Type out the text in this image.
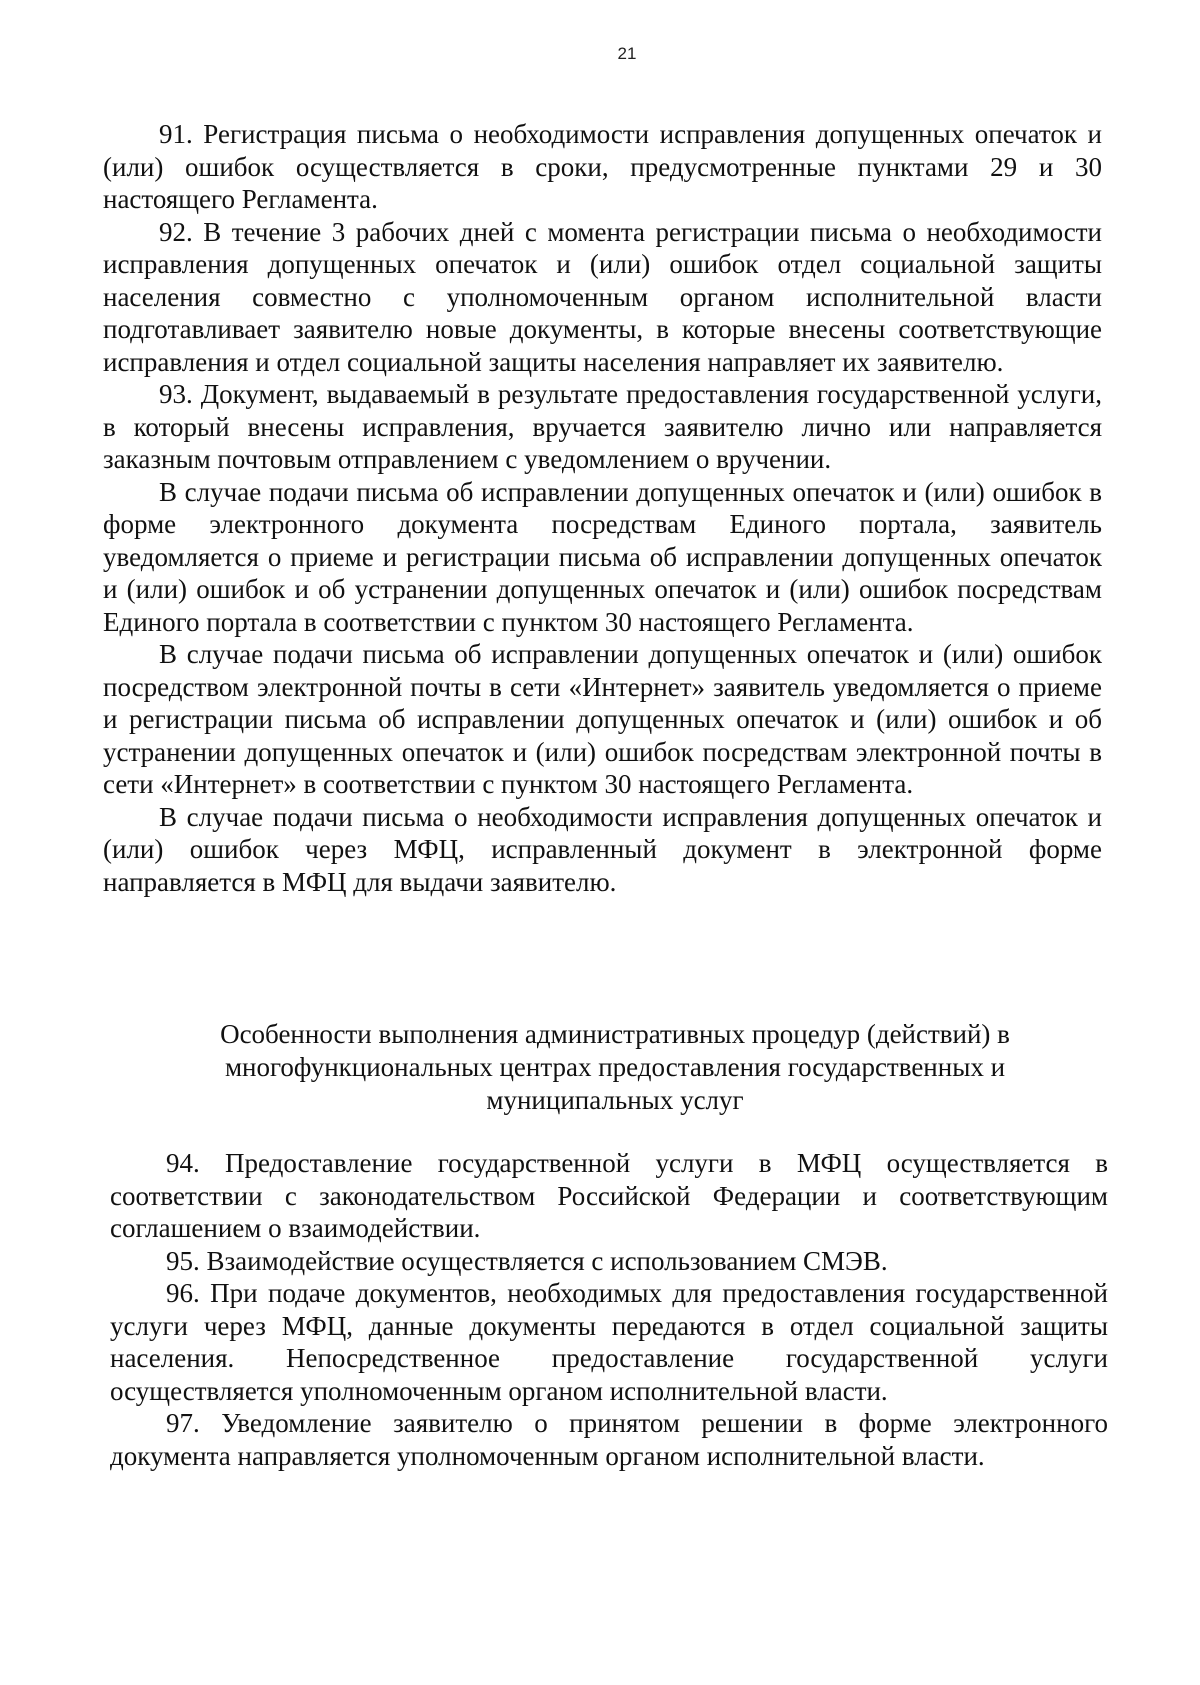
21

91. Регистрация письма о необходимости исправления допущенных опечаток и (или) ошибок осуществляется в сроки, предусмотренные пунктами 29 и 30 настоящего Регламента.

92. В течение 3 рабочих дней с момента регистрации письма о необходимости исправления допущенных опечаток и (или) ошибок отдел социальной защиты населения совместно с уполномоченным органом исполнительной власти подготавливает заявителю новые документы, в которые внесены соответствующие исправления и отдел социальной защиты населения направляет их заявителю.

93. Документ, выдаваемый в результате предоставления государственной услуги, в который внесены исправления, вручается заявителю лично или направляется заказным почтовым отправлением с уведомлением о вручении.

В случае подачи письма об исправлении допущенных опечаток и (или) ошибок в форме электронного документа посредствам Единого портала, заявитель уведомляется о приеме и регистрации письма об исправлении допущенных опечаток и (или) ошибок и об устранении допущенных опечаток и (или) ошибок посредствам Единого портала в соответствии с пунктом 30 настоящего Регламента.

В случае подачи письма об исправлении допущенных опечаток и (или) ошибок посредством электронной почты в сети «Интернет» заявитель уведомляется о приеме и регистрации письма об исправлении допущенных опечаток и (или) ошибок и об устранении допущенных опечаток и (или) ошибок посредствам электронной почты в сети «Интернет» в соответствии с пунктом 30 настоящего Регламента.

В случае подачи письма о необходимости исправления допущенных опечаток и (или) ошибок через МФЦ, исправленный документ в электронной форме направляется в МФЦ для выдачи заявителю.

Особенности выполнения административных процедур (действий) в многофункциональных центрах предоставления государственных и муниципальных услуг

94. Предоставление государственной услуги в МФЦ осуществляется в соответствии с законодательством Российской Федерации и соответствующим соглашением о взаимодействии.

95. Взаимодействие осуществляется с использованием СМЭВ.

96. При подаче документов, необходимых для предоставления государственной услуги через МФЦ, данные документы передаются в отдел социальной защиты населения. Непосредственное предоставление государственной услуги осуществляется уполномоченным органом исполнительной власти.

97. Уведомление заявителю о принятом решении в форме электронного документа направляется уполномоченным органом исполнительной власти.
